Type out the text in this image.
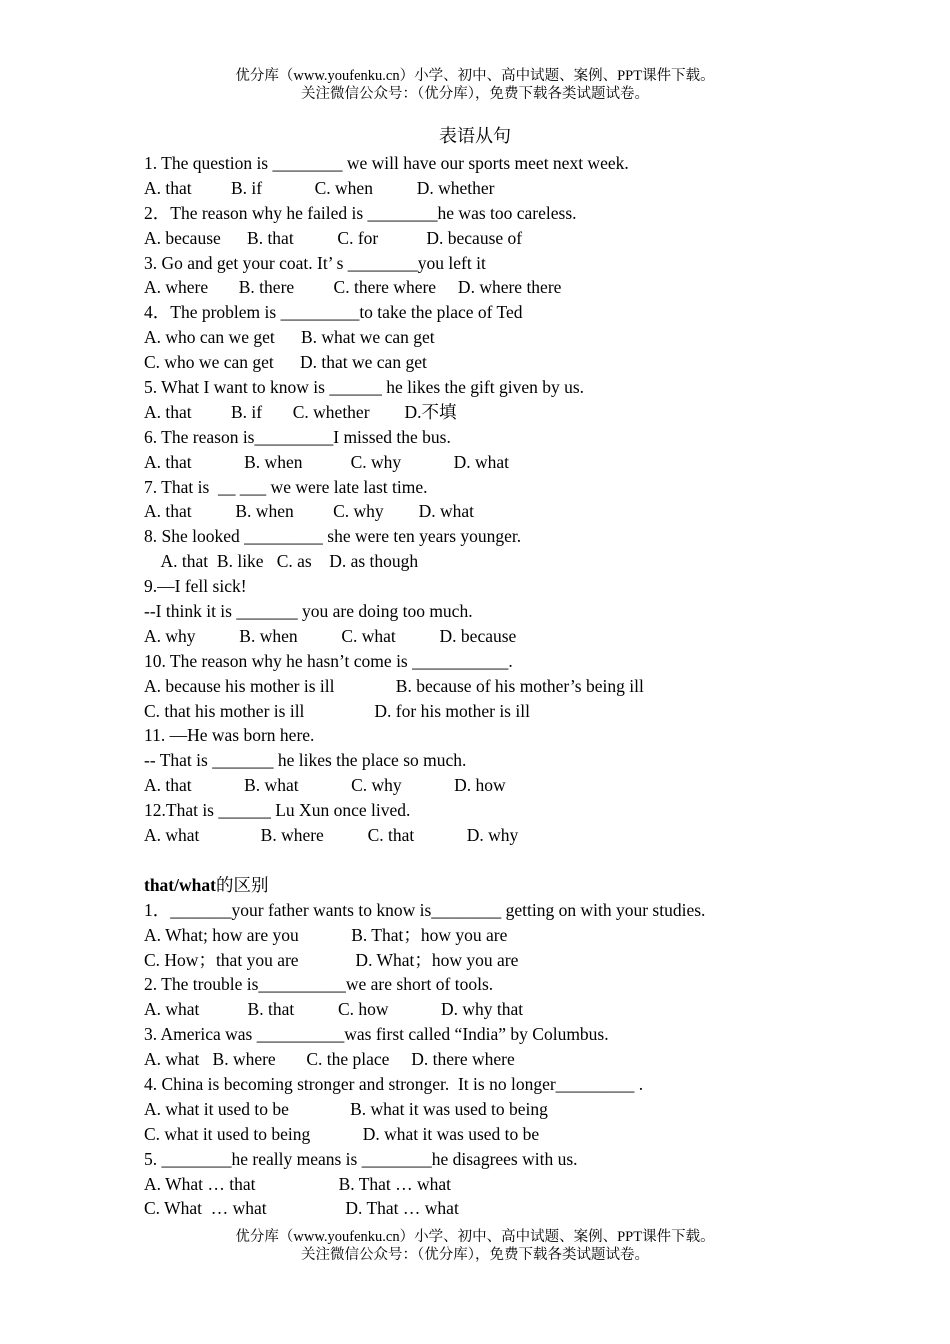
优分库（www.youfenku.cn）小学、初中、高中试题、案例、PPT课件下载。
关注微信公众号：（优分库），免费下载各类试题试卷。
表语从句
1. The question is ________ we will have our sports meet next week.
A. that         B. if            C. when          D. whether
2．The reason why he failed is ________he was too careless.
A. because      B. that          C. for           D. because of
3. Go and get your coat. It’ s ________you left it
A. where       B. there         C. there where     D. where there
4．The problem is _________to take the place of Ted
A. who can we get      B. what we can get
C. who we can get      D. that we can get
5. What I want to know is ______ he likes the gift given by us.
A. that         B. if       C. whether        D.不填
6. The reason is_________I missed the bus.
A. that            B. when           C. why            D. what
7. That is  __ ___ we were late last time.
A. that          B. when         C. why        D. what
8. She looked _________ she were ten years younger.
A. that  B. like   C. as    D. as though
9.—I fell sick!
--I think it is _______ you are doing too much.
A. why          B. when          C. what          D. because
10. The reason why he hasn’t come is ___________.
A. because his mother is ill              B. because of his mother’s being ill
C. that his mother is ill                D. for his mother is ill
11. —He was born here.
-- That is _______ he likes the place so much.
A. that            B. what            C. why            D. how
12.That is ______ Lu Xun once lived.
A. what              B. where          C. that            D. why
that/what的区别
1．_______your father wants to know is________ getting on with your studies.
A. What; how are you            B. That；how you are
C. How；that you are             D. What；how you are
2. The trouble is__________we are short of tools.
A. what           B. that          C. how            D. why that
3. America was __________was first called “India” by Columbus.
A. what   B. where       C. the place     D. there where
4. China is becoming stronger and stronger.  It is no longer_________ .
A. what it used to be              B. what it was used to being
C. what it used to being            D. what it was used to be
5. ________he really means is ________he disagrees with us.
A. What … that                   B. That … what
C. What  … what                  D. That … what
优分库（www.youfenku.cn）小学、初中、高中试题、案例、PPT课件下载。
关注微信公众号：（优分库），免费下载各类试题试卷。
